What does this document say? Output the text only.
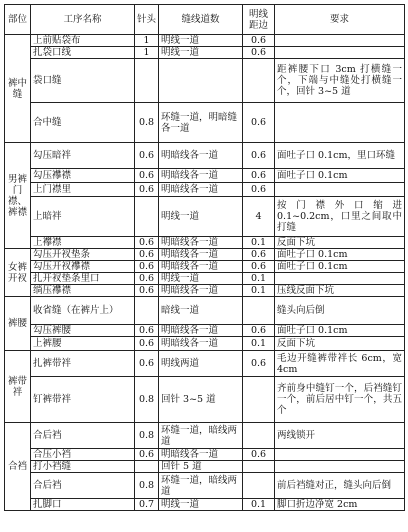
部位	工序名称	针头	缝线道数	明线距边	要求
裤中缝	上前贴袋布	1	明线一道	0.6	
	扎袋口线	1	明线一道	0.6	
	袋口缝				距裤腰下口 3cm 打横缝一个，下端与中缝处打横缝一个，回针 3~5 道
	合中缝	0.8	环缝一道，明暗缝各一道	0.6	
男裤门襟、裤襟	勾压暗袢	0.6	明暗线各一道	0.6	面吐子口 0.1cm，里口环缝
	勾压襻襟	0.6	明暗线各一道	0.6	面吐子口 0.1cm
	上门襟里	0.6	明暗线各一道	0.6	
	上暗袢		明线一道	4	按门襟外口缩进 0.1~0.2cm，口里之间取中打缝
	上襻襟	0.6	明暗线各一道	0.1	反面下坑
女裤开衩	勾压开衩垫条	0.6	明暗线各一道	0.6	面吐子口 0.1cm
	勾压开衩襻襟	0.6	明暗线各一道	0.6	面吐子口 0.1cm
	扎开衩垫条里口	0.6	明线一道	0.1	
	绱压襻襟	0.6	明暗线各一道	0.1	压线反面下坑
裤腰	收省缝（在裤片上）		暗线一道		缝头向后倒
	勾压裤腰	0.6	明暗线各一道	0.6	面吐子口 0.1cm
	上裤腰	0.6	明暗线各一道	0.1	反面下坑
裤带袢	扎裤带袢	0.6	明线两道	0.6	毛边开缝裤带袢长 6cm，宽 4cm
	钉裤带袢	0.8	回针 3~5 道		齐前身中缝钉一个，后裆缝钉一个，前后居中钉一个，共五个
合裆	合后裆	0.8	环缝一道，暗线两道		两线锁开
	合压小裆	0.6	明暗线各一道	0.6	
	打小裆缝		回针 5 道		
	合后裆	0.8	环缝一道，暗线两道		前后裆缝对正，缝头向后倒
	扎脚口	0.7	明线一道	0.1	脚口折边净宽 2cm
